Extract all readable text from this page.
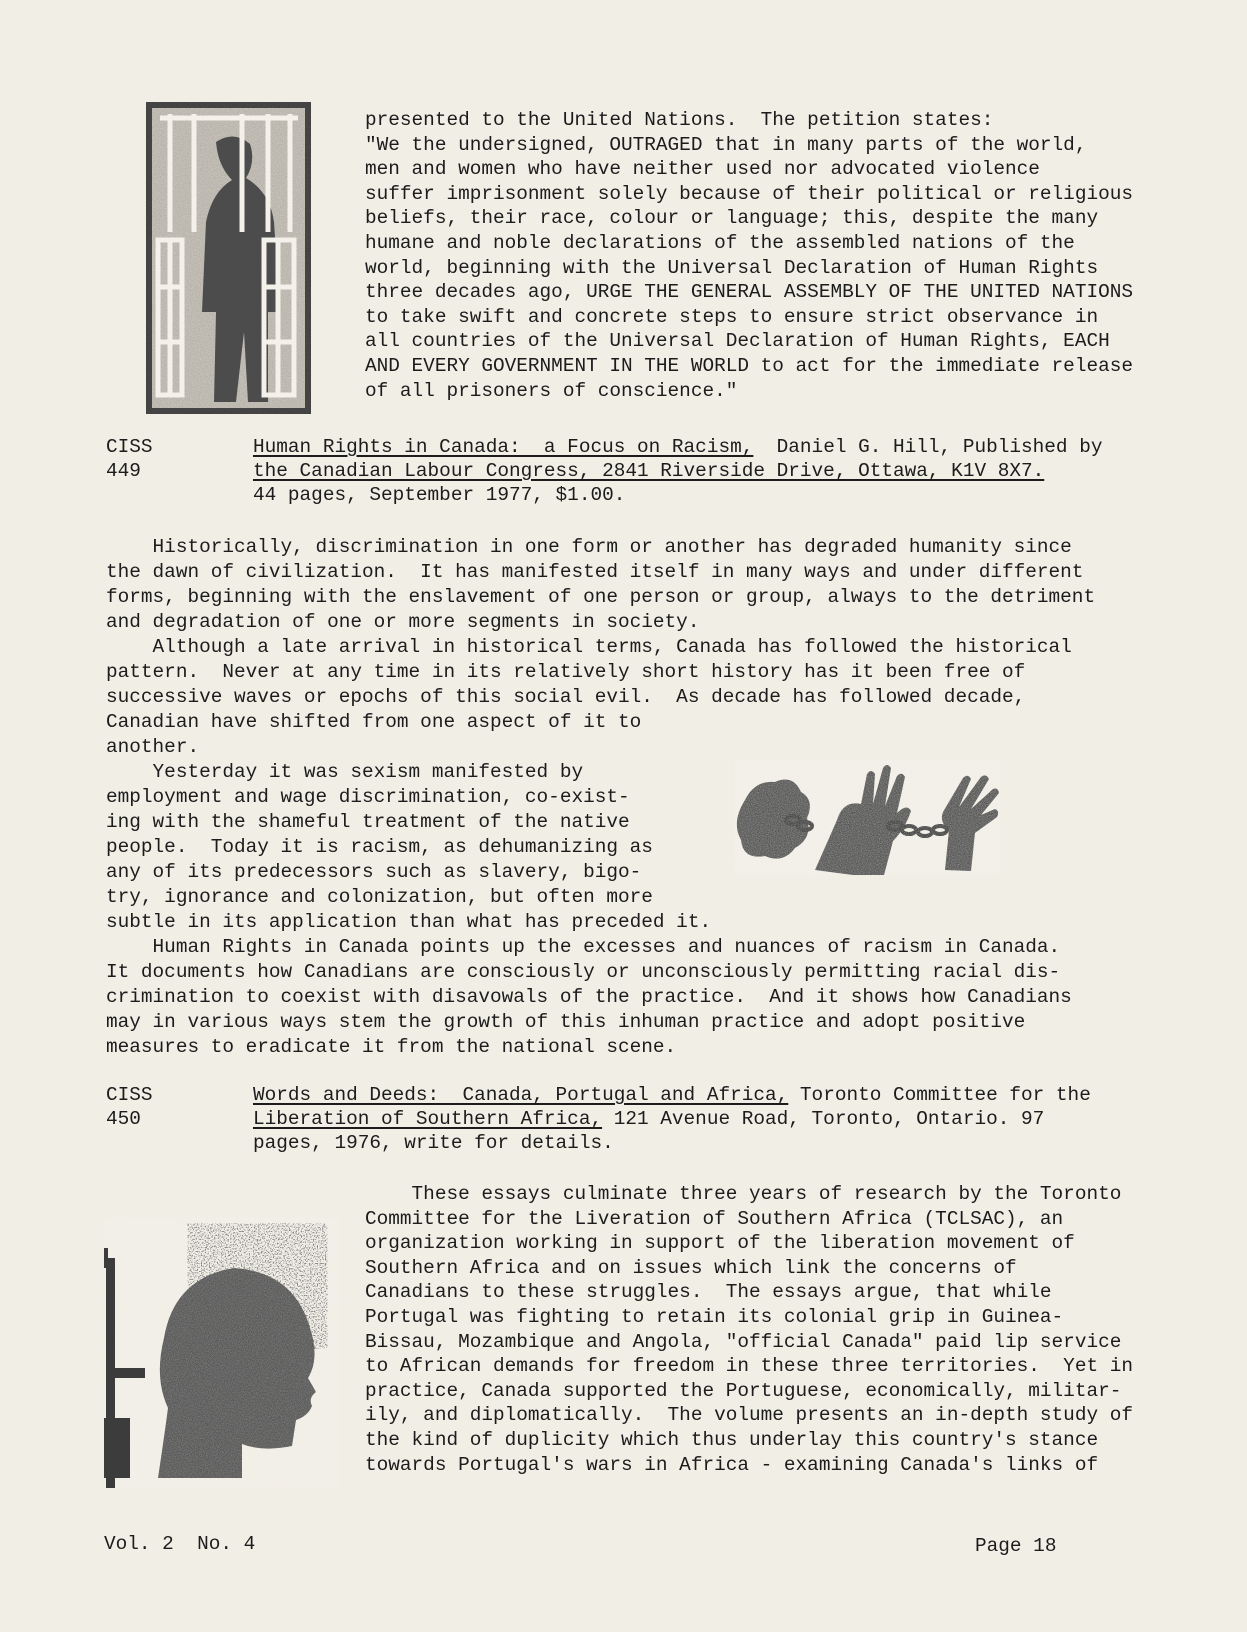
presented to the United Nations.  The petition states:
"We the undersigned, OUTRAGED that in many parts of the world,
men and women who have neither used nor advocated violence
suffer imprisonment solely because of their political or religious
beliefs, their race, colour or language; this, despite the many
humane and noble declarations of the assembled nations of the
world, beginning with the Universal Declaration of Human Rights
three decades ago, URGE THE GENERAL ASSEMBLY OF THE UNITED NATIONS
to take swift and concrete steps to ensure strict observance in
all countries of the Universal Declaration of Human Rights, EACH
AND EVERY GOVERNMENT IN THE WORLD to act for the immediate release
of all prisoners of conscience."
CISS
449
Human Rights in Canada:  a Focus on Racism,  Daniel G. Hill, Published by
the Canadian Labour Congress, 2841 Riverside Drive, Ottawa, K1V 8X7.
44 pages, September 1977, $1.00.
Historically, discrimination in one form or another has degraded humanity since
the dawn of civilization.  It has manifested itself in many ways and under different
forms, beginning with the enslavement of one person or group, always to the detriment
and degradation of one or more segments in society.
Although a late arrival in historical terms, Canada has followed the historical
pattern.  Never at any time in its relatively short history has it been free of
successive waves or epochs of this social evil.  As decade has followed decade,
Canadian have shifted from one aspect of it to
another.
Yesterday it was sexism manifested by
employment and wage discrimination, co-exist-
ing with the shameful treatment of the native
people.  Today it is racism, as dehumanizing as
any of its predecessors such as slavery, bigo-
try, ignorance and colonization, but often more
subtle in its application than what has preceded it.
Human Rights in Canada points up the excesses and nuances of racism in Canada.
It documents how Canadians are consciously or unconsciously permitting racial dis-
crimination to coexist with disavowals of the practice.  And it shows how Canadians
may in various ways stem the growth of this inhuman practice and adopt positive
measures to eradicate it from the national scene.
CISS
450
Words and Deeds:  Canada, Portugal and Africa, Toronto Committee for the
Liberation of Southern Africa, 121 Avenue Road, Toronto, Ontario. 97
pages, 1976, write for details.
These essays culminate three years of research by the Toronto
Committee for the Liveration of Southern Africa (TCLSAC), an
organization working in support of the liberation movement of
Southern Africa and on issues which link the concerns of
Canadians to these struggles.  The essays argue, that while
Portugal was fighting to retain its colonial grip in Guinea-
Bissau, Mozambique and Angola, "official Canada" paid lip service
to African demands for freedom in these three territories.  Yet in
practice, Canada supported the Portuguese, economically, militar-
ily, and diplomatically.  The volume presents an in-depth study of
the kind of duplicity which thus underlay this country's stance
towards Portugal's wars in Africa - examining Canada's links of
Vol. 2  No. 4	Page 18
